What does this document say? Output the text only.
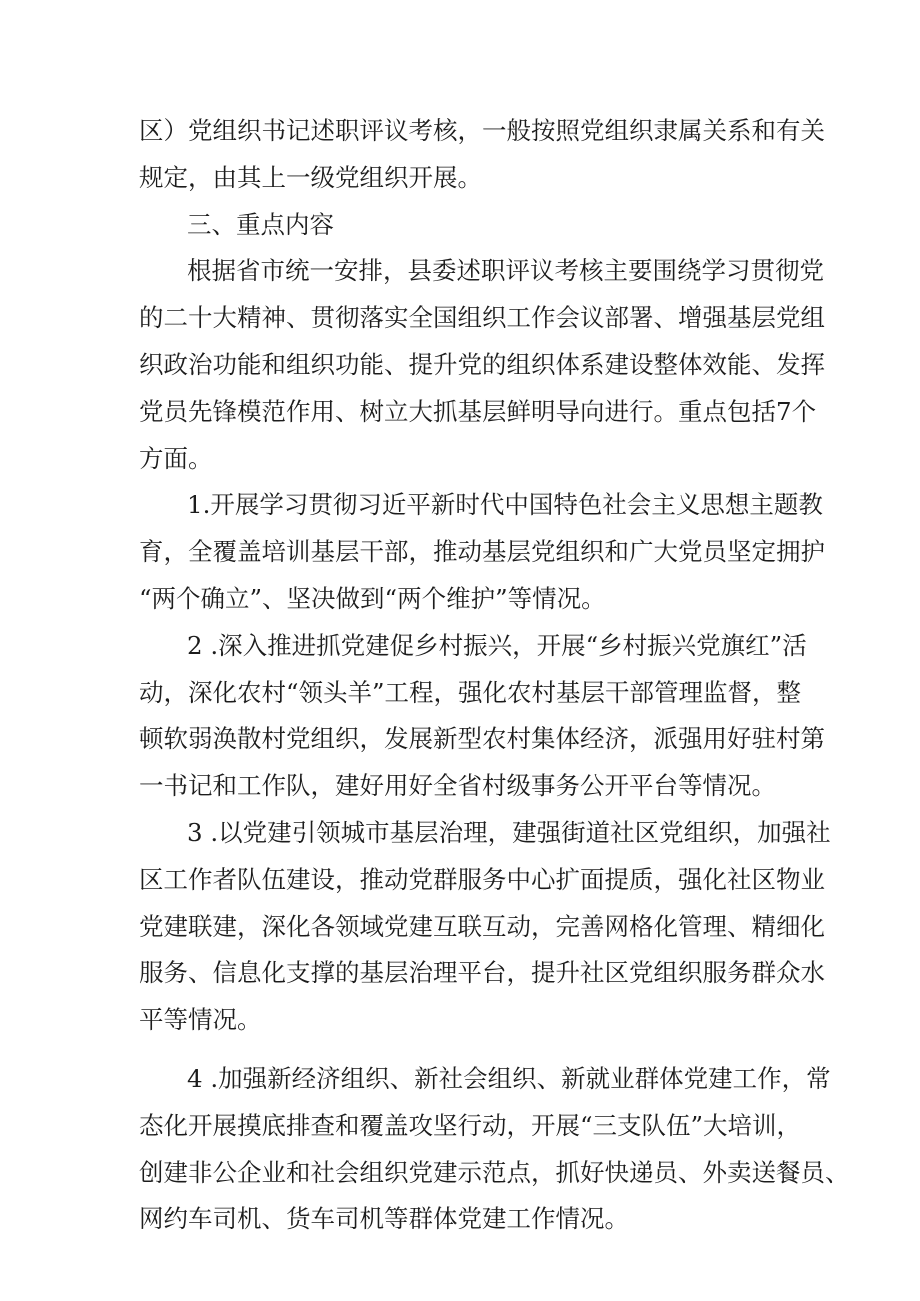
区）党组织书记述职评议考核，一般按照党组织隶属关系和有关
规定，由其上一级党组织开展。
三、重点内容
根据省市统一安排，县委述职评议考核主要围绕学习贯彻党
的二十大精神、贯彻落实全国组织工作会议部署、增强基层党组
织政治功能和组织功能、提升党的组织体系建设整体效能、发挥
党员先锋模范作用、树立大抓基层鲜明导向进行。重点包括7个
方面。
1.开展学习贯彻习近平新时代中国特色社会主义思想主题教
育，全覆盖培训基层干部，推动基层党组织和广大党员坚定拥护
“两个确立”、坚决做到“两个维护”等情况。
2 .深入推进抓党建促乡村振兴，开展“乡村振兴党旗红”活
动，深化农村“领头羊”工程，强化农村基层干部管理监督，整
顿软弱涣散村党组织，发展新型农村集体经济，派强用好驻村第
一书记和工作队，建好用好全省村级事务公开平台等情况。
3 .以党建引领城市基层治理，建强街道社区党组织，加强社
区工作者队伍建设，推动党群服务中心扩面提质，强化社区物业
党建联建，深化各领域党建互联互动，完善网格化管理、精细化
服务、信息化支撑的基层治理平台，提升社区党组织服务群众水
平等情况。
4 .加强新经济组织、新社会组织、新就业群体党建工作，常
态化开展摸底排查和覆盖攻坚行动，开展“三支队伍”大培训，
创建非公企业和社会组织党建示范点，抓好快递员、外卖送餐员、
网约车司机、货车司机等群体党建工作情况。
